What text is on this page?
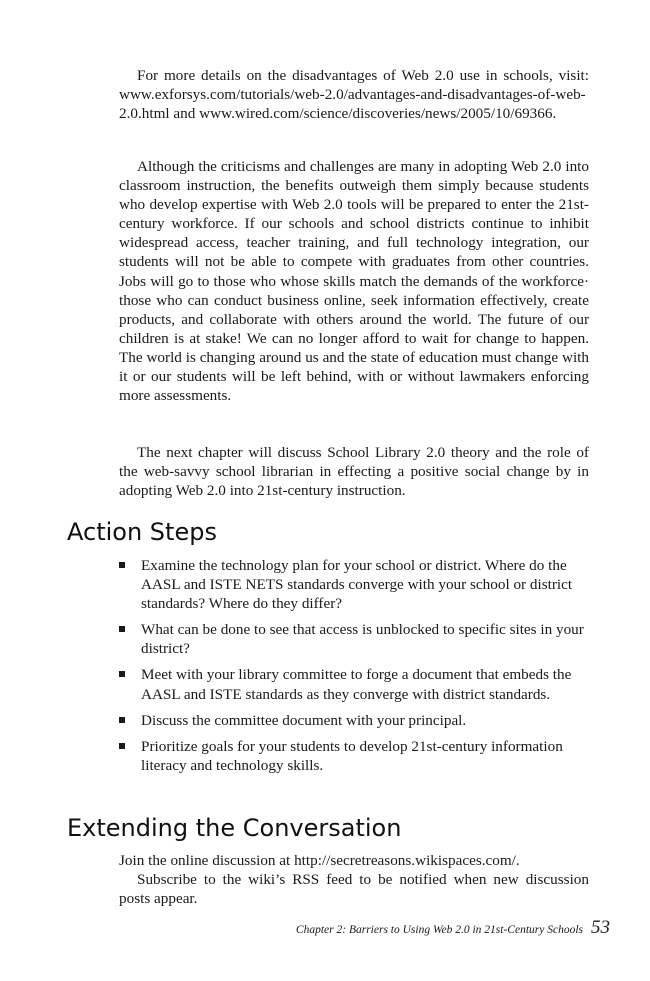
For more details on the disadvantages of Web 2.0 use in schools, visit: www.exforsys.com/tutorials/web-2.0/advantages-and-disadvantages-of-web-2.0.html and www.wired.com/science/discoveries/news/2005/10/69366.

Although the criticisms and challenges are many in adopting Web 2.0 into classroom instruction, the benefits outweigh them simply because students who develop expertise with Web 2.0 tools will be prepared to enter the 21st-century workforce. If our schools and school districts continue to inhibit widespread access, teacher training, and full technology integration, our students will not be able to compete with graduates from other countries. Jobs will go to those who whose skills match the demands of the workforce· those who can conduct business online, seek information effectively, create products, and collaborate with others around the world. The future of our children is at stake! We can no longer afford to wait for change to happen. The world is changing around us and the state of education must change with it or our students will be left behind, with or without lawmakers enforcing more assessments.

The next chapter will discuss School Library 2.0 theory and the role of the web-savvy school librarian in effecting a positive social change by in adopting Web 2.0 into 21st-century instruction.

Action Steps
Examine the technology plan for your school or district. Where do the AASL and ISTE NETS standards converge with your school or district standards? Where do they differ?
What can be done to see that access is unblocked to specific sites in your district?
Meet with your library committee to forge a document that embeds the AASL and ISTE standards as they converge with district standards.
Discuss the committee document with your principal.
Prioritize goals for your students to develop 21st-century information literacy and technology skills.
Extending the Conversation

Join the online discussion at http://secretreasons.wikispaces.com/.

Subscribe to the wiki’s RSS feed to be notified when new discussion posts appear.

Chapter 2: Barriers to Using Web 2.0 in 21st-Century Schools 53
